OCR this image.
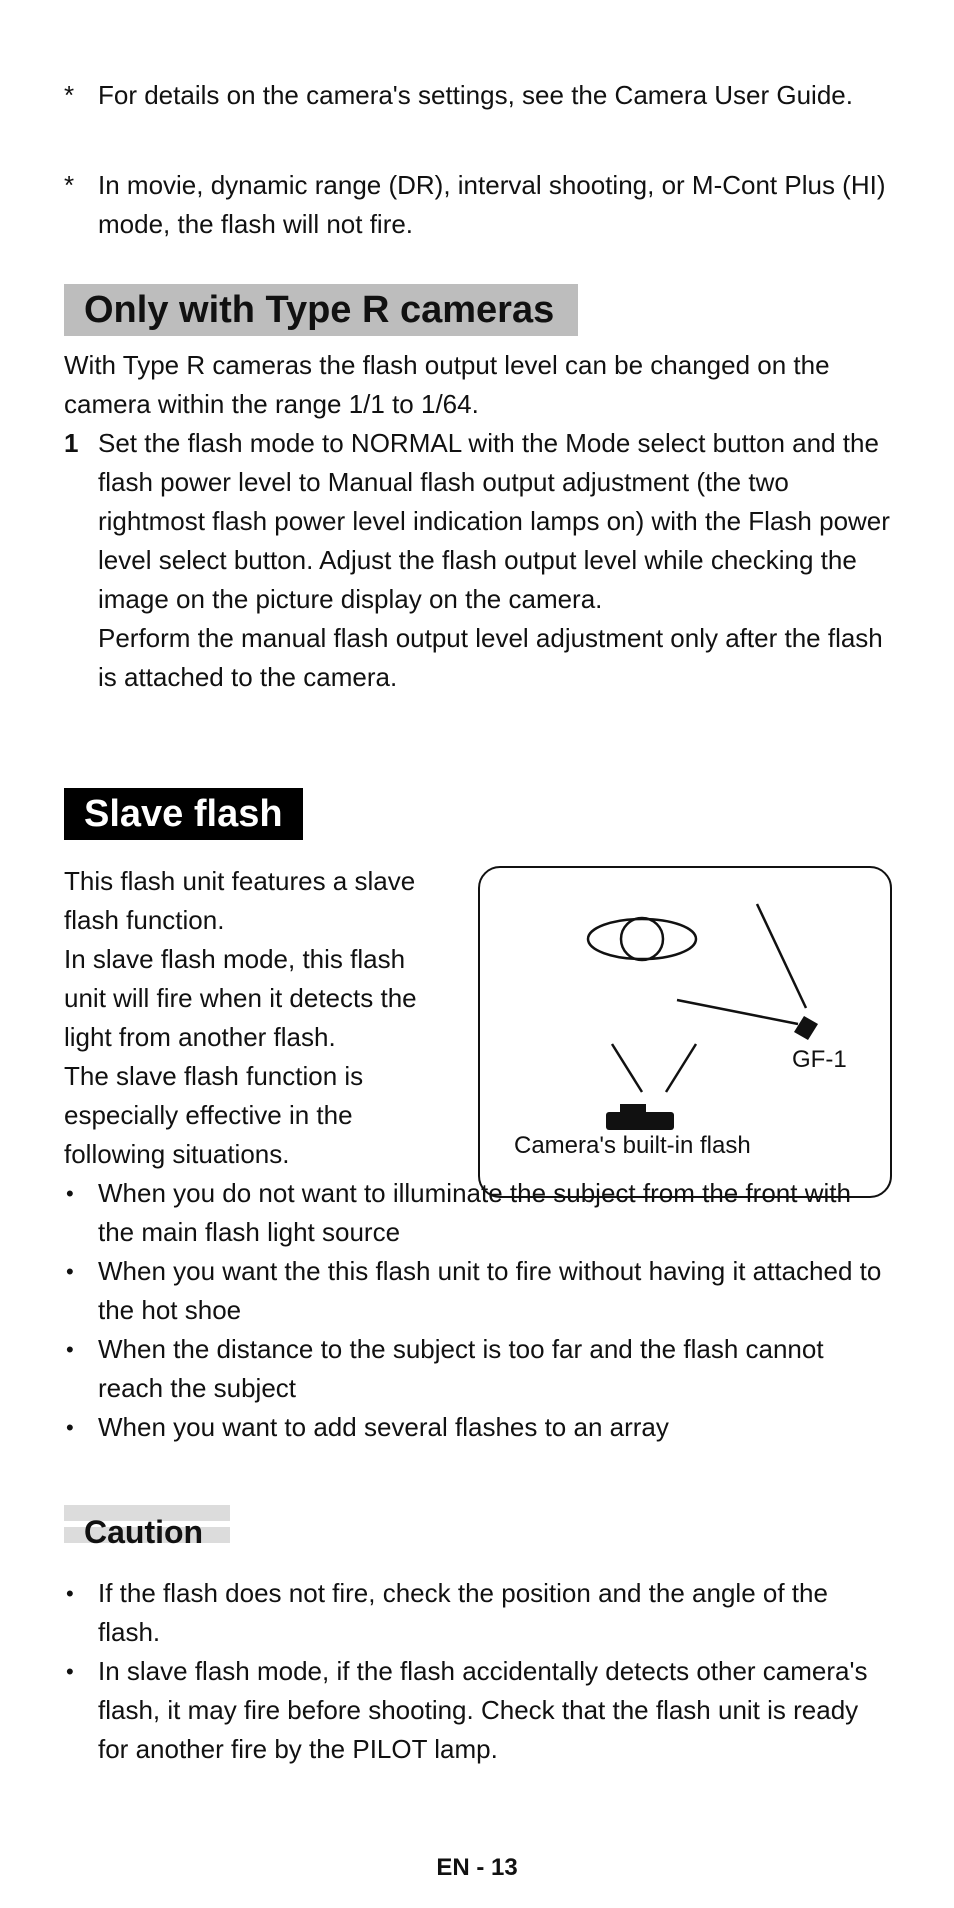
* For details on the camera's settings, see the Camera User Guide.
* In movie, dynamic range (DR), interval shooting, or M-Cont Plus (HI) mode, the flash will not fire.
Only with Type R cameras

With Type R cameras the flash output level can be changed on the camera within the range 1/1 to 1/64.

1 Set the flash mode to NORMAL with the Mode select button and the flash power level to Manual flash output adjustment (the two rightmost flash power level indication lamps on) with the Flash power level select button. Adjust the flash output level while checking the image on the picture display on the camera.

Perform the manual flash output level adjustment only after the flash is attached to the camera.

Slave flash

This flash unit features a slave flash function.
In slave flash mode, this flash unit will fire when it detects the light from another flash.
The slave flash function is especially effective in the following situations.

GF-1
Camera's built-in flash
• When you do not want to illuminate the subject from the front with the main flash light source
• When you want the this flash unit to fire without having it attached to the hot shoe
• When the distance to the subject is too far and the flash cannot reach the subject
• When you want to add several flashes to an array
Caution
• If the flash does not fire, check the position and the angle of the flash.
• In slave flash mode, if the flash accidentally detects other camera's flash, it may fire before shooting. Check that the flash unit is ready for another fire by the PILOT lamp.
EN - 13
